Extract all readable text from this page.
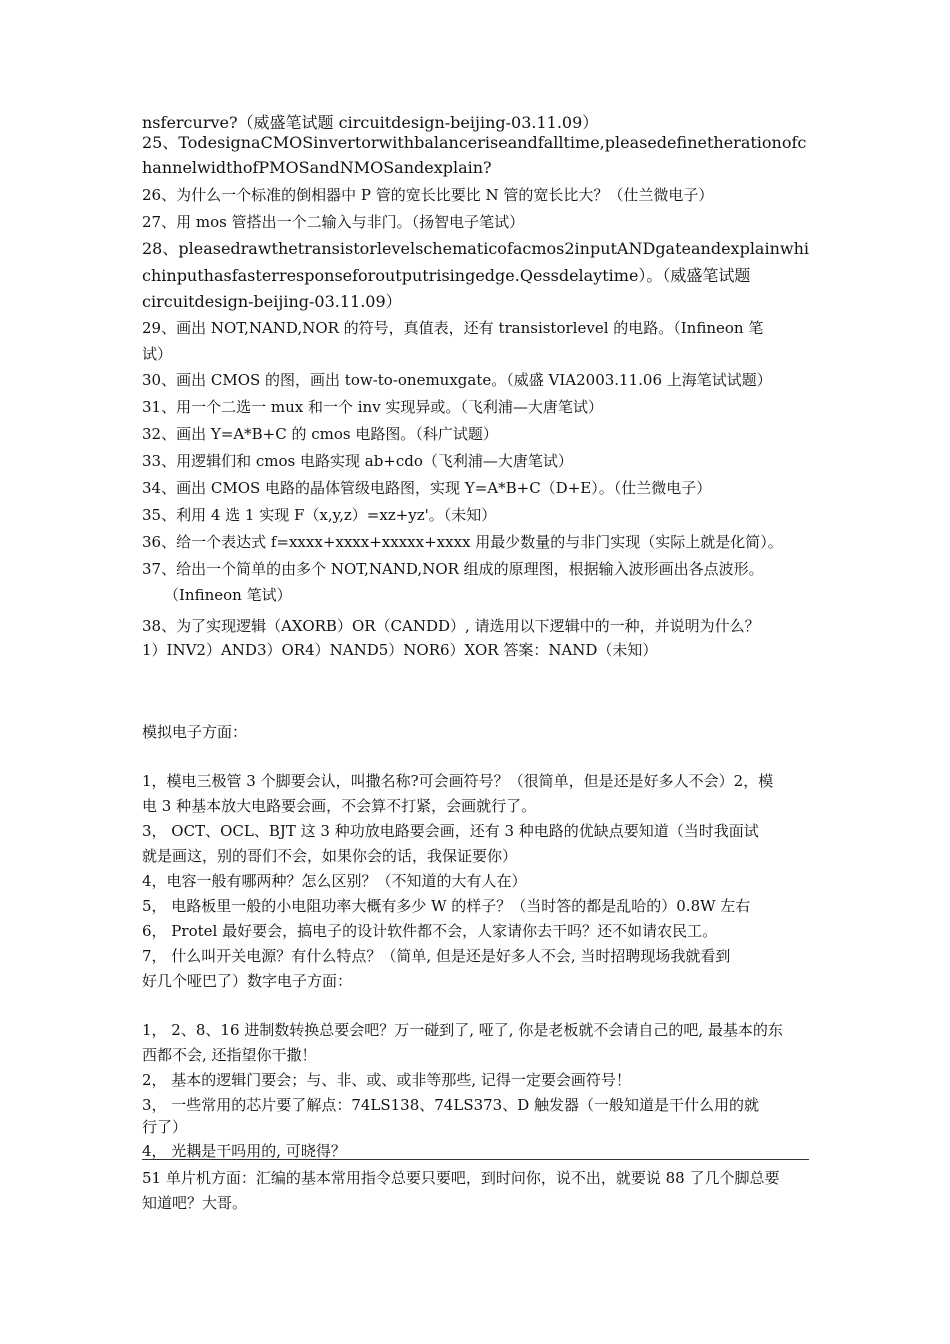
nsfercurve?（威盛笔试题 circuitdesign-beijing-03.11.09）
25、TodesignaCMOSinvertorwithbalanceriseandfalltime,pleasedefinetherationofc
hannelwidthofPMOSandNMOSandexplain?
26、为什么一个标准的倒相器中 P 管的宽长比要比 N 管的宽长比大？（仕兰微电子）
27、用 mos 管搭出一个二输入与非门。（扬智电子笔试）
28、pleasedrawthetransistorlevelschematicofacmos2inputANDgateandexplainwhi
chinputhasfasterresponseforoutputrisingedge.Qessdelaytime）。（威盛笔试题
circuitdesign-beijing-03.11.09）
29、画出 NOT,NAND,NOR 的符号，真值表，还有 transistorlevel 的电路。（Infineon 笔
试）
30、画出 CMOS 的图，画出 tow-to-onemuxgate。（威盛 VIA2003.11.06 上海笔试试题）
31、用一个二选一 mux 和一个 inv 实现异或。（飞利浦—大唐笔试）
32、画出 Y=A*B+C 的 cmos 电路图。（科广试题）
33、用逻辑们和 cmos 电路实现 ab+cdo（飞利浦—大唐笔试）
34、画出 CMOS 电路的晶体管级电路图，实现 Y=A*B+C（D+E）。（仕兰微电子）
35、利用 4 选 1 实现 F（x,y,z）=xz+yz'。（未知）
36、给一个表达式 f=xxxx+xxxx+xxxxx+xxxx 用最少数量的与非门实现（实际上就是化简）。
37、给出一个简单的由多个 NOT,NAND,NOR 组成的原理图，根据输入波形画出各点波形。
（Infineon 笔试）
38、为了实现逻辑（AXORB）OR（CANDD）, 请选用以下逻辑中的一种，并说明为什么？
1）INV2）AND3）OR4）NAND5）NOR6）XOR 答案：NAND（未知）
模拟电子方面：
1，模电三极管 3 个脚要会认，叫撒名称?可会画符号？（很简单，但是还是好多人不会）2，模
电 3 种基本放大电路要会画，不会算不打紧，会画就行了。
3， OCT、OCL、BJT 这 3 种功放电路要会画，还有 3 种电路的优缺点要知道（当时我面试
就是画这，别的哥们不会，如果你会的话，我保证要你）
4，电容一般有哪两种？怎么区别？（不知道的大有人在）
5， 电路板里一般的小电阻功率大概有多少 W 的样子？（当时答的都是乱哈的）0.8W 左右
6， Protel 最好要会，搞电子的设计软件都不会，人家请你去干吗？还不如请农民工。
7， 什么叫开关电源？有什么特点？（简单, 但是还是好多人不会, 当时招聘现场我就看到
好几个哑巴了）数字电子方面：
1， 2、8、16 进制数转换总要会吧？万一碰到了, 哑了, 你是老板就不会请自己的吧, 最基本的东
西都不会, 还指望你干撒！
2， 基本的逻辑门要会；与、非、或、或非等那些, 记得一定要会画符号！
3， 一些常用的芯片要了解点：74LS138、74LS373、D 触发器（一般知道是干什么用的就
行了）
4， 光耦是干吗用的, 可晓得？
51 单片机方面：汇编的基本常用指令总要只要吧，到时问你，说不出，就要说 88 了几个脚总要
知道吧？大哥。
